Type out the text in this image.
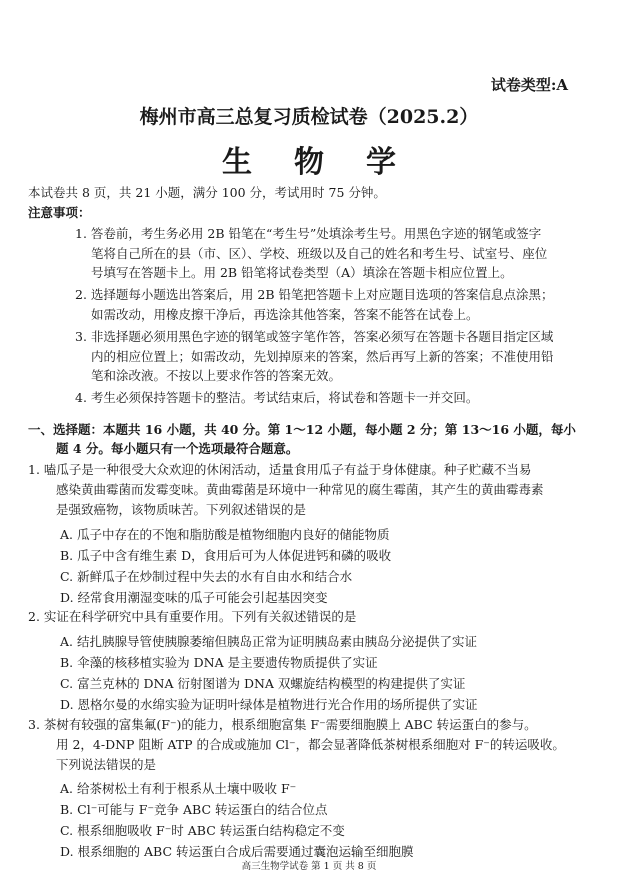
试卷类型:A
梅州市高三总复习质检试卷（2025.2）
生物学
本试卷共 8 页，共 21 小题，满分 100 分，考试用时 75 分钟。
注意事项：
1. 答卷前，考生务必用 2B 铅笔在“考生号”处填涂考生号。用黑色字迹的钢笔或签字
笔将自己所在的县（市、区）、学校、班级以及自己的姓名和考生号、试室号、座位
号填写在答题卡上。用 2B 铅笔将试卷类型（A）填涂在答题卡相应位置上。
2. 选择题每小题选出答案后，用 2B 铅笔把答题卡上对应题目选项的答案信息点涂黑；
如需改动，用橡皮擦干净后，再选涂其他答案，答案不能答在试卷上。
3. 非选择题必须用黑色字迹的钢笔或签字笔作答，答案必须写在答题卡各题目指定区域
内的相应位置上；如需改动，先划掉原来的答案，然后再写上新的答案；不准使用铅
笔和涂改液。不按以上要求作答的答案无效。
4. 考生必须保持答题卡的整洁。考试结束后，将试卷和答题卡一并交回。
一、选择题：本题共 16 小题，共 40 分。第 1～12 小题，每小题 2 分；第 13～16 小题，每小
题 4 分。每小题只有一个选项最符合题意。
1. 嗑瓜子是一种很受大众欢迎的休闲活动，适量食用瓜子有益于身体健康。种子贮藏不当易
感染黄曲霉菌而发霉变味。黄曲霉菌是环境中一种常见的腐生霉菌，其产生的黄曲霉毒素
是强致癌物，该物质味苦。下列叙述错误的是
A. 瓜子中存在的不饱和脂肪酸是植物细胞内良好的储能物质
B. 瓜子中含有维生素 D，食用后可为人体促进钙和磷的吸收
C. 新鲜瓜子在炒制过程中失去的水有自由水和结合水
D. 经常食用潮湿变味的瓜子可能会引起基因突变
2. 实证在科学研究中具有重要作用。下列有关叙述错误的是
A. 结扎胰腺导管使胰腺萎缩但胰岛正常为证明胰岛素由胰岛分泌提供了实证
B. 伞藻的核移植实验为 DNA 是主要遗传物质提供了实证
C. 富兰克林的 DNA 衍射图谱为 DNA 双螺旋结构模型的构建提供了实证
D. 恩格尔曼的水绵实验为证明叶绿体是植物进行光合作用的场所提供了实证
3. 茶树有较强的富集氟(F⁻)的能力，根系细胞富集 F⁻需要细胞膜上 ABC 转运蛋白的参与。
用 2，4-DNP 阻断 ATP 的合成或施加 Cl⁻，都会显著降低茶树根系细胞对 F⁻的转运吸收。
下列说法错误的是
A. 给茶树松土有利于根系从土壤中吸收 F⁻
B. Cl⁻可能与 F⁻竞争 ABC 转运蛋白的结合位点
C. 根系细胞吸收 F⁻时 ABC 转运蛋白结构稳定不变
D. 根系细胞的 ABC 转运蛋白合成后需要通过囊泡运输至细胞膜
高三生物学试卷 第 1 页 共 8 页
